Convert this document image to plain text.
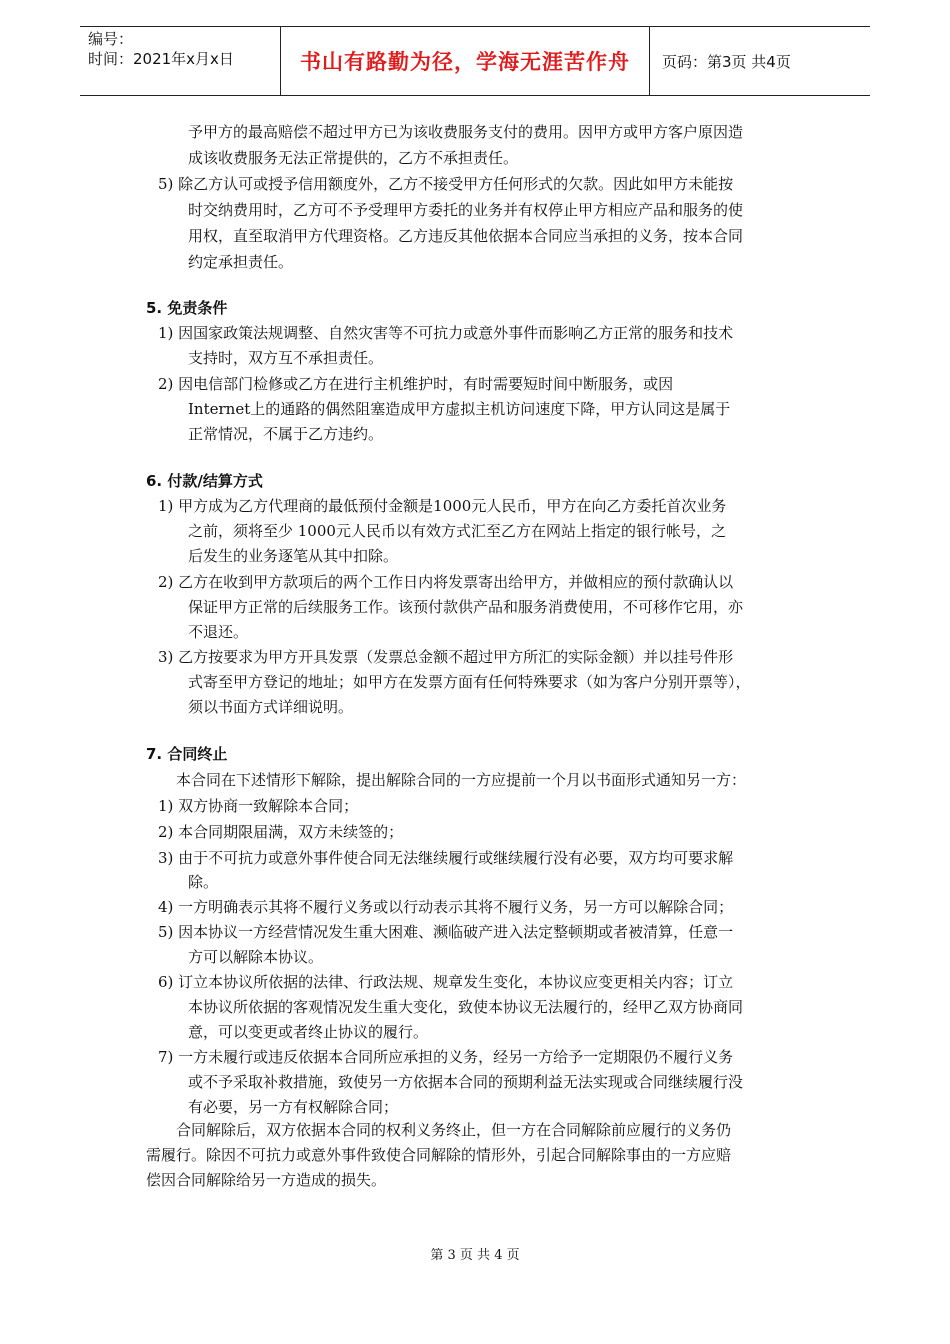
编号：
时间：2021年x月x日	书山有路勤为径，学海无涯苦作舟	页码：第3页 共4页
予甲方的最高赔偿不超过甲方已为该收费服务支付的费用。因甲方或甲方客户原因造
成该收费服务无法正常提供的，乙方不承担责任。
5) 除乙方认可或授予信用额度外，乙方不接受甲方任何形式的欠款。因此如甲方未能按
时交纳费用时，乙方可不予受理甲方委托的业务并有权停止甲方相应产品和服务的使
用权，直至取消甲方代理资格。乙方违反其他依据本合同应当承担的义务，按本合同
约定承担责任。
5. 免责条件
1) 因国家政策法规调整、自然灾害等不可抗力或意外事件而影响乙方正常的服务和技术
支持时，双方互不承担责任。
2) 因电信部门检修或乙方在进行主机维护时，有时需要短时间中断服务，或因
Internet上的通路的偶然阻塞造成甲方虚拟主机访问速度下降，甲方认同这是属于
正常情况，不属于乙方违约。
6. 付款/结算方式
1) 甲方成为乙方代理商的最低预付金额是1000元人民币，甲方在向乙方委托首次业务
之前，须将至少 1000元人民币以有效方式汇至乙方在网站上指定的银行帐号，之
后发生的业务逐笔从其中扣除。
2) 乙方在收到甲方款项后的两个工作日内将发票寄出给甲方，并做相应的预付款确认以
保证甲方正常的后续服务工作。该预付款供产品和服务消费使用，不可移作它用，亦
不退还。
3) 乙方按要求为甲方开具发票（发票总金额不超过甲方所汇的实际金额）并以挂号件形
式寄至甲方登记的地址；如甲方在发票方面有任何特殊要求（如为客户分别开票等），
须以书面方式详细说明。
7. 合同终止
本合同在下述情形下解除，提出解除合同的一方应提前一个月以书面形式通知另一方：
1) 双方协商一致解除本合同；
2) 本合同期限届满，双方未续签的；
3) 由于不可抗力或意外事件使合同无法继续履行或继续履行没有必要，双方均可要求解
除。
4) 一方明确表示其将不履行义务或以行动表示其将不履行义务，另一方可以解除合同；
5) 因本协议一方经营情况发生重大困难、濒临破产进入法定整顿期或者被清算，任意一
方可以解除本协议。
6) 订立本协议所依据的法律、行政法规、规章发生变化，本协议应变更相关内容；订立
本协议所依据的客观情况发生重大变化，致使本协议无法履行的，经甲乙双方协商同
意，可以变更或者终止协议的履行。
7) 一方未履行或违反依据本合同所应承担的义务，经另一方给予一定期限仍不履行义务
或不予采取补救措施，致使另一方依据本合同的预期利益无法实现或合同继续履行没
有必要，另一方有权解除合同；
合同解除后，双方依据本合同的权利义务终止，但一方在合同解除前应履行的义务仍
需履行。除因不可抗力或意外事件致使合同解除的情形外，引起合同解除事由的一方应赔
偿因合同解除给另一方造成的损失。
第 3 页 共 4 页
